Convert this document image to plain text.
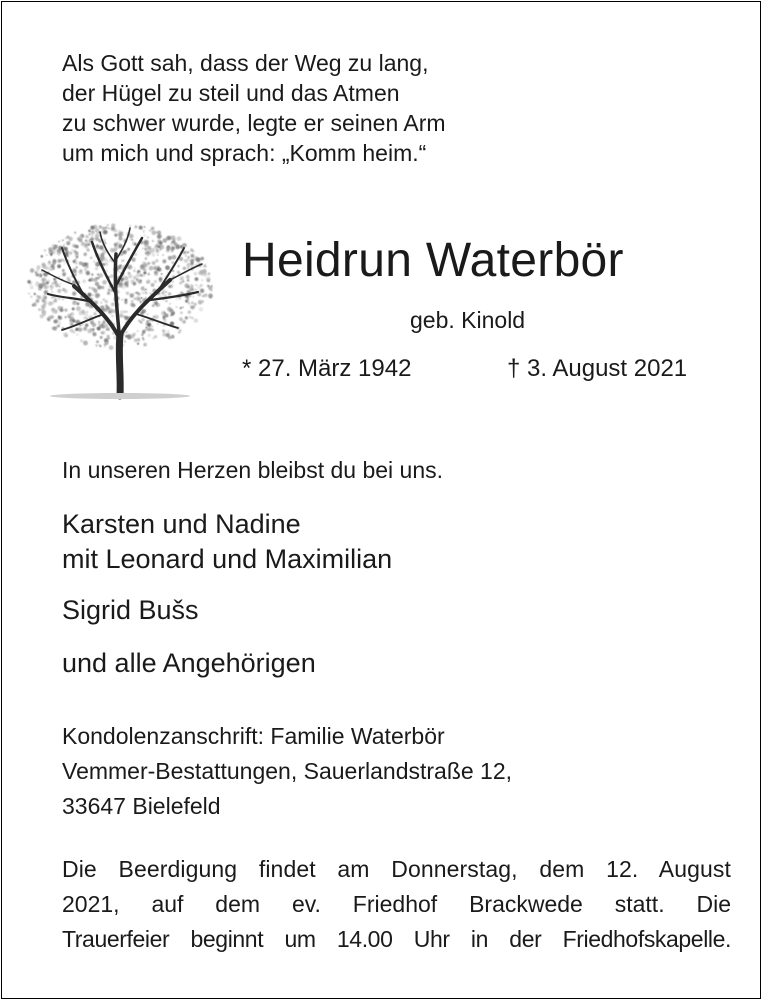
Als Gott sah, dass der Weg zu lang,
der Hügel zu steil und das Atmen
zu schwer wurde, legte er seinen Arm
um mich und sprach: „Komm heim.“
Heidrun Waterbör
geb. Kinold
* 27. März 1942	† 3. August 2021
In unseren Herzen bleibst du bei uns.
Karsten und Nadine
mit Leonard und Maximilian
Sigrid Bušs
und alle Angehörigen
Kondolenzanschrift: Familie Waterbör
Vemmer-Bestattungen, Sauerlandstraße 12,
33647 Bielefeld
Die Beerdigung findet am Donnerstag, dem 12. August
2021, auf dem ev. Friedhof Brackwede statt. Die
Trauerfeier beginnt um 14.00 Uhr in der Friedhofskapelle.
